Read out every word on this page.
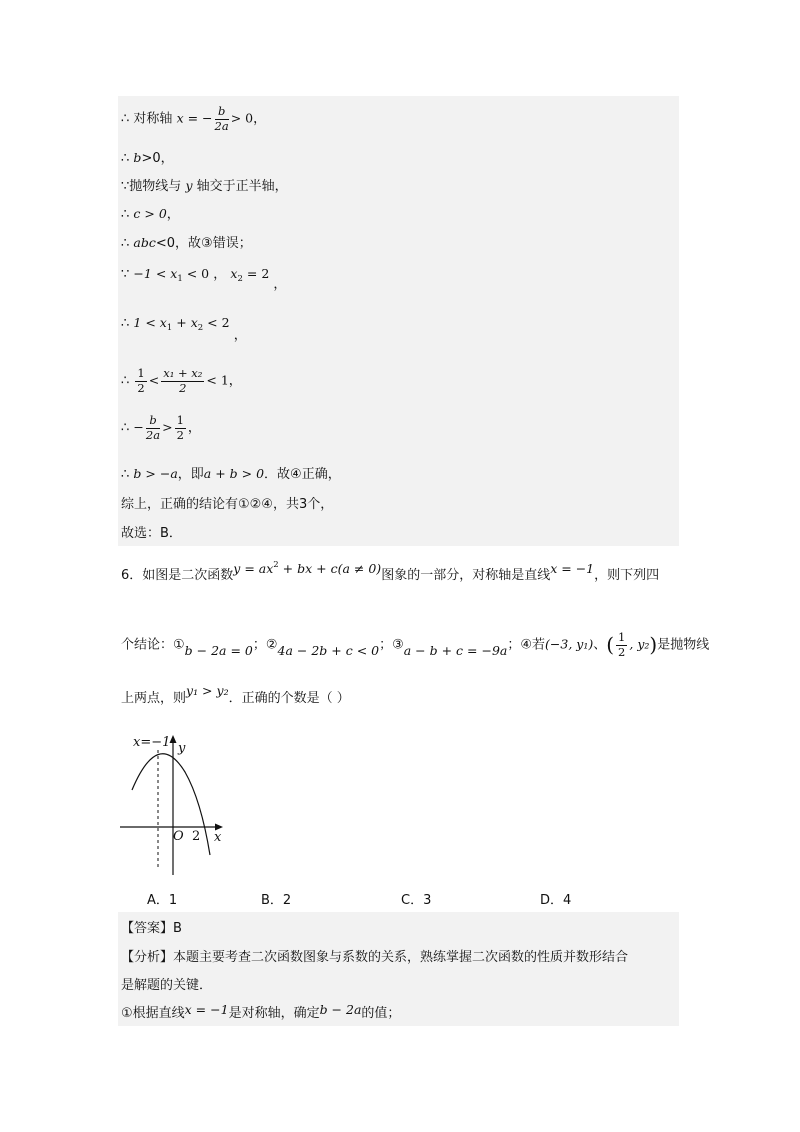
∴ 对称轴 x = − $\frac{b}{2a} > 0$，
∴ b>0，
∵抛物线与 y 轴交于正半轴，
∴ c > 0，
∴ abc<0，故③错误；
∵ $-1 < x_1 < 0$ ， $x_2 = 2$ ，
∴ $1 < x_1 + x_2 < 2$ ，
∴ $\frac{1}{2} < \frac{\text{x₁ + x₂}}{2} < 1$，
∴ − $\frac{b}{2a} > \frac{1}{2}$ ，
∴ b > −a，即a + b > 0．故④正确，
综上，正确的结论有①②④，共3个，
故选：B．
6．如图是二次函数$y = ax^2$ + bx + c(a ≠ 0)图象的一部分，对称轴是直线x = −1，则下列四
个结论：①b − 2a = 0；②4a − 2b + c < 0；③a − b + c = −9a；④若(−3, y₁)、( $\frac{1}{2}$ , y₂)是抛物线
上两点，则y₁ > y₂．正确的个数是（ ）
x=−1 y
x
O 2
A．1	B．2	C．3	D．4
【答案】B
【分析】本题主要考查二次函数图象与系数的关系，熟练掌握二次函数的性质并数形结合
是解题的关键．
①根据直线x = −1是对称轴，确定b − 2a的值；
